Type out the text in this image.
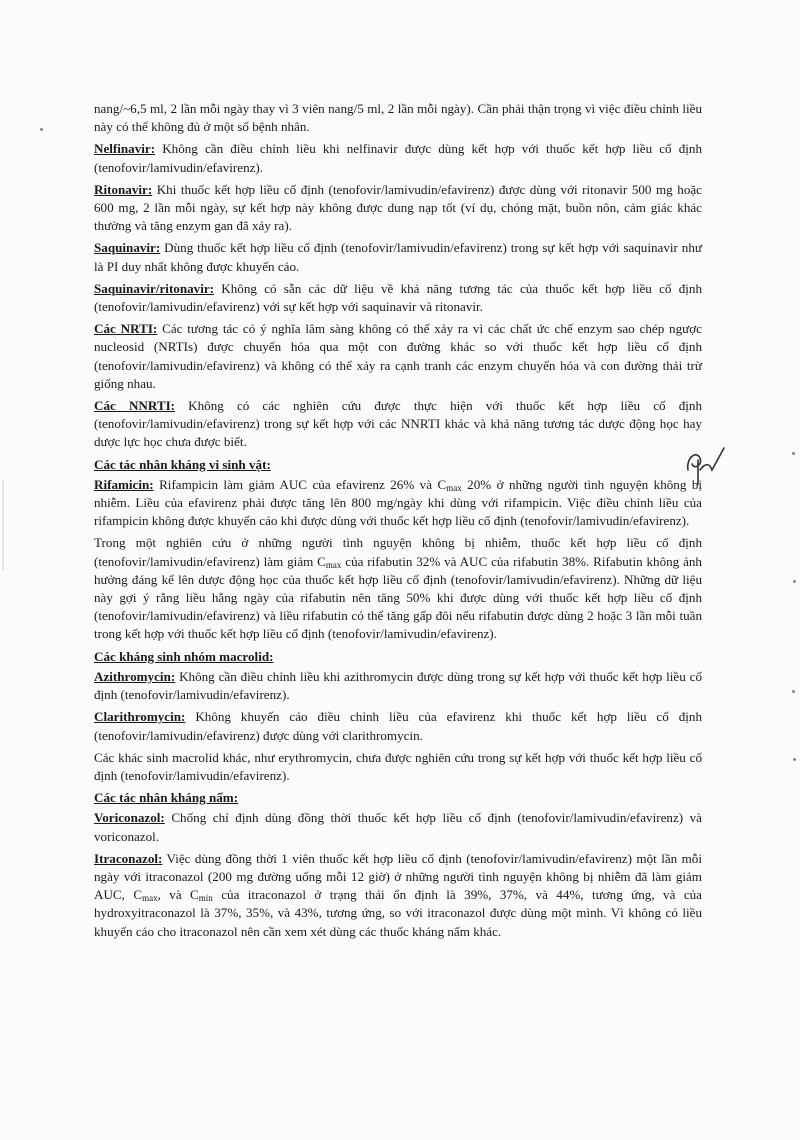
nang/~6,5 ml, 2 lần mỗi ngày thay vì 3 viên nang/5 ml, 2 lần mỗi ngày). Cần phải thận trọng vì việc điều chỉnh liều này có thể không đủ ở một số bệnh nhân.

Nelfinavir: Không cần điều chỉnh liều khi nelfinavir được dùng kết hợp với thuốc kết hợp liều cố định (tenofovir/lamivudin/efavirenz).

Ritonavir: Khi thuốc kết hợp liều cố định (tenofovir/lamivudin/efavirenz) được dùng với ritonavir 500 mg hoặc 600 mg, 2 lần mỗi ngày, sự kết hợp này không được dung nạp tốt (ví dụ, chóng mặt, buồn nôn, cảm giác khác thường và tăng enzym gan đã xảy ra).

Saquinavir: Dùng thuốc kết hợp liều cố định (tenofovir/lamivudin/efavirenz) trong sự kết hợp với saquinavir như là PI duy nhất không được khuyến cáo.

Saquinavir/ritonavir: Không có sẵn các dữ liệu về khả năng tương tác của thuốc kết hợp liều cố định (tenofovir/lamivudin/efavirenz) với sự kết hợp với saquinavir và ritonavir.

Các NRTI: Các tương tác có ý nghĩa lâm sàng không có thể xảy ra vì các chất ức chế enzym sao chép ngược nucleosid (NRTIs) được chuyển hóa qua một con đường khác so với thuốc kết hợp liều cố định (tenofovir/lamivudin/efavirenz) và không có thể xảy ra cạnh tranh các enzym chuyển hóa và con đường thải trừ giống nhau.

Các NNRTI: Không có các nghiên cứu được thực hiện với thuốc kết hợp liều cố định (tenofovir/lamivudin/efavirenz) trong sự kết hợp với các NNRTI khác và khả năng tương tác dược động học hay dược lực học chưa được biết.

Các tác nhân kháng vi sinh vật:

Rifamicin: Rifampicin làm giảm AUC của efavirenz 26% và $C_{max}$ 20% ở những người tình nguyện không bị nhiễm. Liều của efavirenz phải được tăng lên 800 mg/ngày khi dùng với rifampicin. Việc điều chỉnh liều của rifampicin không được khuyến cáo khi được dùng với thuốc kết hợp liều cố định (tenofovir/lamivudin/efavirenz).

Trong một nghiên cứu ở những người tình nguyện không bị nhiễm, thuốc kết hợp liều cố định (tenofovir/lamivudin/efavirenz) làm giảm $C_{max}$ của rifabutin 32% và AUC của rifabutin 38%. Rifabutin không ảnh hưởng đáng kể lên dược động học của thuốc kết hợp liều cố định (tenofovir/lamivudin/efavirenz). Những dữ liệu này gợi ý rằng liều hằng ngày của rifabutin nên tăng 50% khi được dùng với thuốc kết hợp liều cố định (tenofovir/lamivudin/efavirenz) và liều rifabutin có thể tăng gấp đôi nếu rifabutin được dùng 2 hoặc 3 lần mỗi tuần trong kết hợp với thuốc kết hợp liều cố định (tenofovir/lamivudin/efavirenz).

Các kháng sinh nhóm macrolid:

Azithromycin: Không cần điều chỉnh liều khi azithromycin được dùng trong sự kết hợp với thuốc kết hợp liều cố định (tenofovir/lamivudin/efavirenz).

Clarithromycin: Không khuyến cáo điều chỉnh liều của efavirenz khi thuốc kết hợp liều cố định (tenofovir/lamivudin/efavirenz) được dùng với clarithromycin.

Các khác sinh macrolid khác, như erythromycin, chưa được nghiên cứu trong sự kết hợp với thuốc kết hợp liều cố định (tenofovir/lamivudin/efavirenz).

Các tác nhân kháng nấm:

Voriconazol: Chống chỉ định dùng đồng thời thuốc kết hợp liều cố định (tenofovir/lamivudin/efavirenz) và voriconazol.

Itraconazol: Việc dùng đồng thời 1 viên thuốc kết hợp liều cố định (tenofovir/lamivudin/efavirenz) một lần mỗi ngày với itraconazol (200 mg đường uống mỗi 12 giờ) ở những người tình nguyện không bị nhiễm đã làm giảm AUC, $C_{max}$, và $C_{min}$ của itraconazol ở trạng thái ổn định là 39%, 37%, và 44%, tương ứng, và của hydroxyitraconazol là 37%, 35%, và 43%, tương ứng, so với itraconazol được dùng một mình. Vì không có liều khuyến cáo cho itraconazol nên cần xem xét dùng các thuốc kháng nấm khác.
